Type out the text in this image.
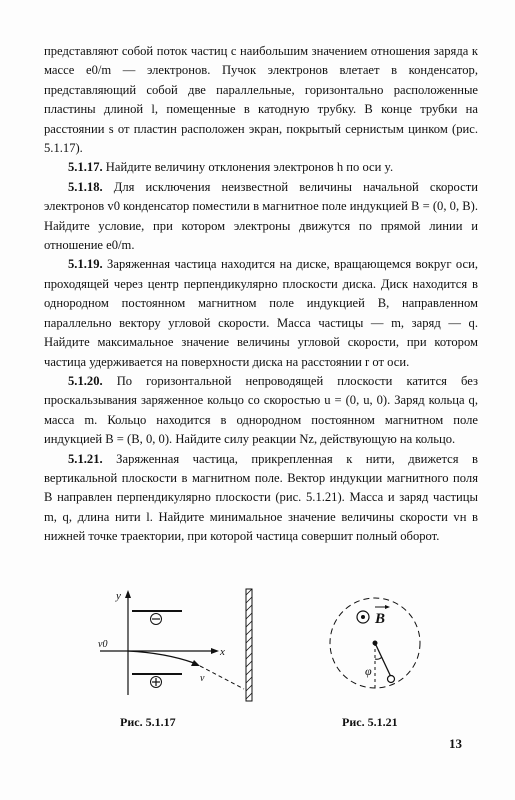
представляют собой поток частиц с наибольшим значением отношения заряда к массе e0/m — электронов. Пучок электронов влетает в конденсатор, представляющий собой две параллельные, горизонтально расположенные пластины длиной l, помещенные в катодную трубку. В конце трубки на расстоянии s от пластин расположен экран, покрытый сернистым цинком (рис. 5.1.17).

5.1.17. Найдите величину отклонения электронов h по оси y.

5.1.18. Для исключения неизвестной величины начальной скорости электронов v0 конденсатор поместили в магнитное поле индукцией B = (0, 0, B). Найдите условие, при котором электроны движутся по прямой линии и отношение e0/m.

5.1.19. Заряженная частица находится на диске, вращающемся вокруг оси, проходящей через центр перпендикулярно плоскости диска. Диск находится в однородном постоянном магнитном поле индукцией B, направленном параллельно вектору угловой скорости. Масса частицы — m, заряд — q. Найдите максимальное значение величины угловой скорости, при котором частица удерживается на поверхности диска на расстоянии r от оси.

5.1.20. По горизонтальной непроводящей плоскости катится без проскальзывания заряженное кольцо со скоростью u = (0, u, 0). Заряд кольца q, масса m. Кольцо находится в однородном постоянном магнитном поле индукцией B = (B, 0, 0). Найдите силу реакции Nz, действующую на кольцо.

5.1.21. Заряженная частица, прикрепленная к нити, движется в вертикальной плоскости в магнитном поле. Вектор индукции магнитного поля B направлен перпендикулярно плоскости (рис. 5.1.21). Масса и заряд частицы m, q, длина нити l. Найдите минимальное значение величины скорости vн в нижней точке траектории, при которой частица совершит полный оборот.

y
x
v0
v
Рис. 5.1.17
B
φ
Рис. 5.1.21
13
